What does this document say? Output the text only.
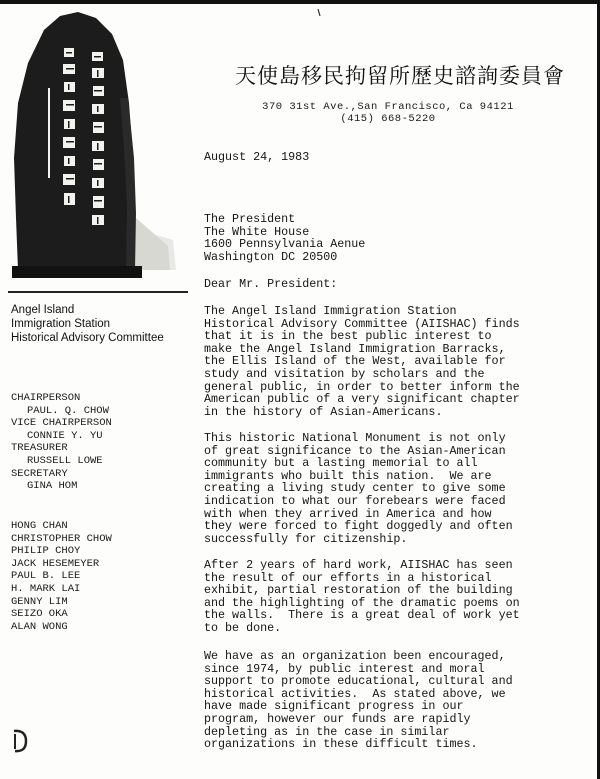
Angel Island
Immigration Station
Historical Advisory Committee
CHAIRPERSON
PAUL. Q. CHOW
VICE CHAIRPERSON
CONNIE Y. YU
TREASURER
RUSSELL LOWE
SECRETARY
GINA HOM
HONG CHAN
CHRISTOPHER CHOW
PHILIP CHOY
JACK HESEMEYER
PAUL B. LEE
H. MARK LAI
GENNY LIM
SEIZO OKA
ALAN WONG
天使島移民拘留所歷史諮詢委員會
370 31st Ave.,San Francisco, Ca 94121
(415) 668-5220
August 24, 1983
The President
The White House
1600 Pennsylvania Aenue
Washington DC 20500
Dear Mr. President:
The Angel Island Immigration Station
Historical Advisory Committee (AIISHAC) finds
that it is in the best public interest to
make the Angel Island Immigration Barracks,
the Ellis Island of the West, available for
study and visitation by scholars and the
general public, in order to better inform the
American public of a very significant chapter
in the history of Asian-Americans.
This historic National Monument is not only
of great significance to the Asian-American
community but a lasting memorial to all
immigrants who built this nation.  We are
creating a living study center to give some
indication to what our forebears were faced
with when they arrived in America and how
they were forced to fight doggedly and often
successfully for citizenship.
After 2 years of hard work, AIISHAC has seen
the result of our efforts in a historical
exhibit, partial restoration of the building
and the highlighting of the dramatic poems on
the walls.  There is a great deal of work yet
to be done.
We have as an organization been encouraged,
since 1974, by public interest and moral
support to promote educational, cultural and
historical activities.  As stated above, we
have made significant progress in our
program, however our funds are rapidly
depleting as in the case in similar
organizations in these difficult times.
